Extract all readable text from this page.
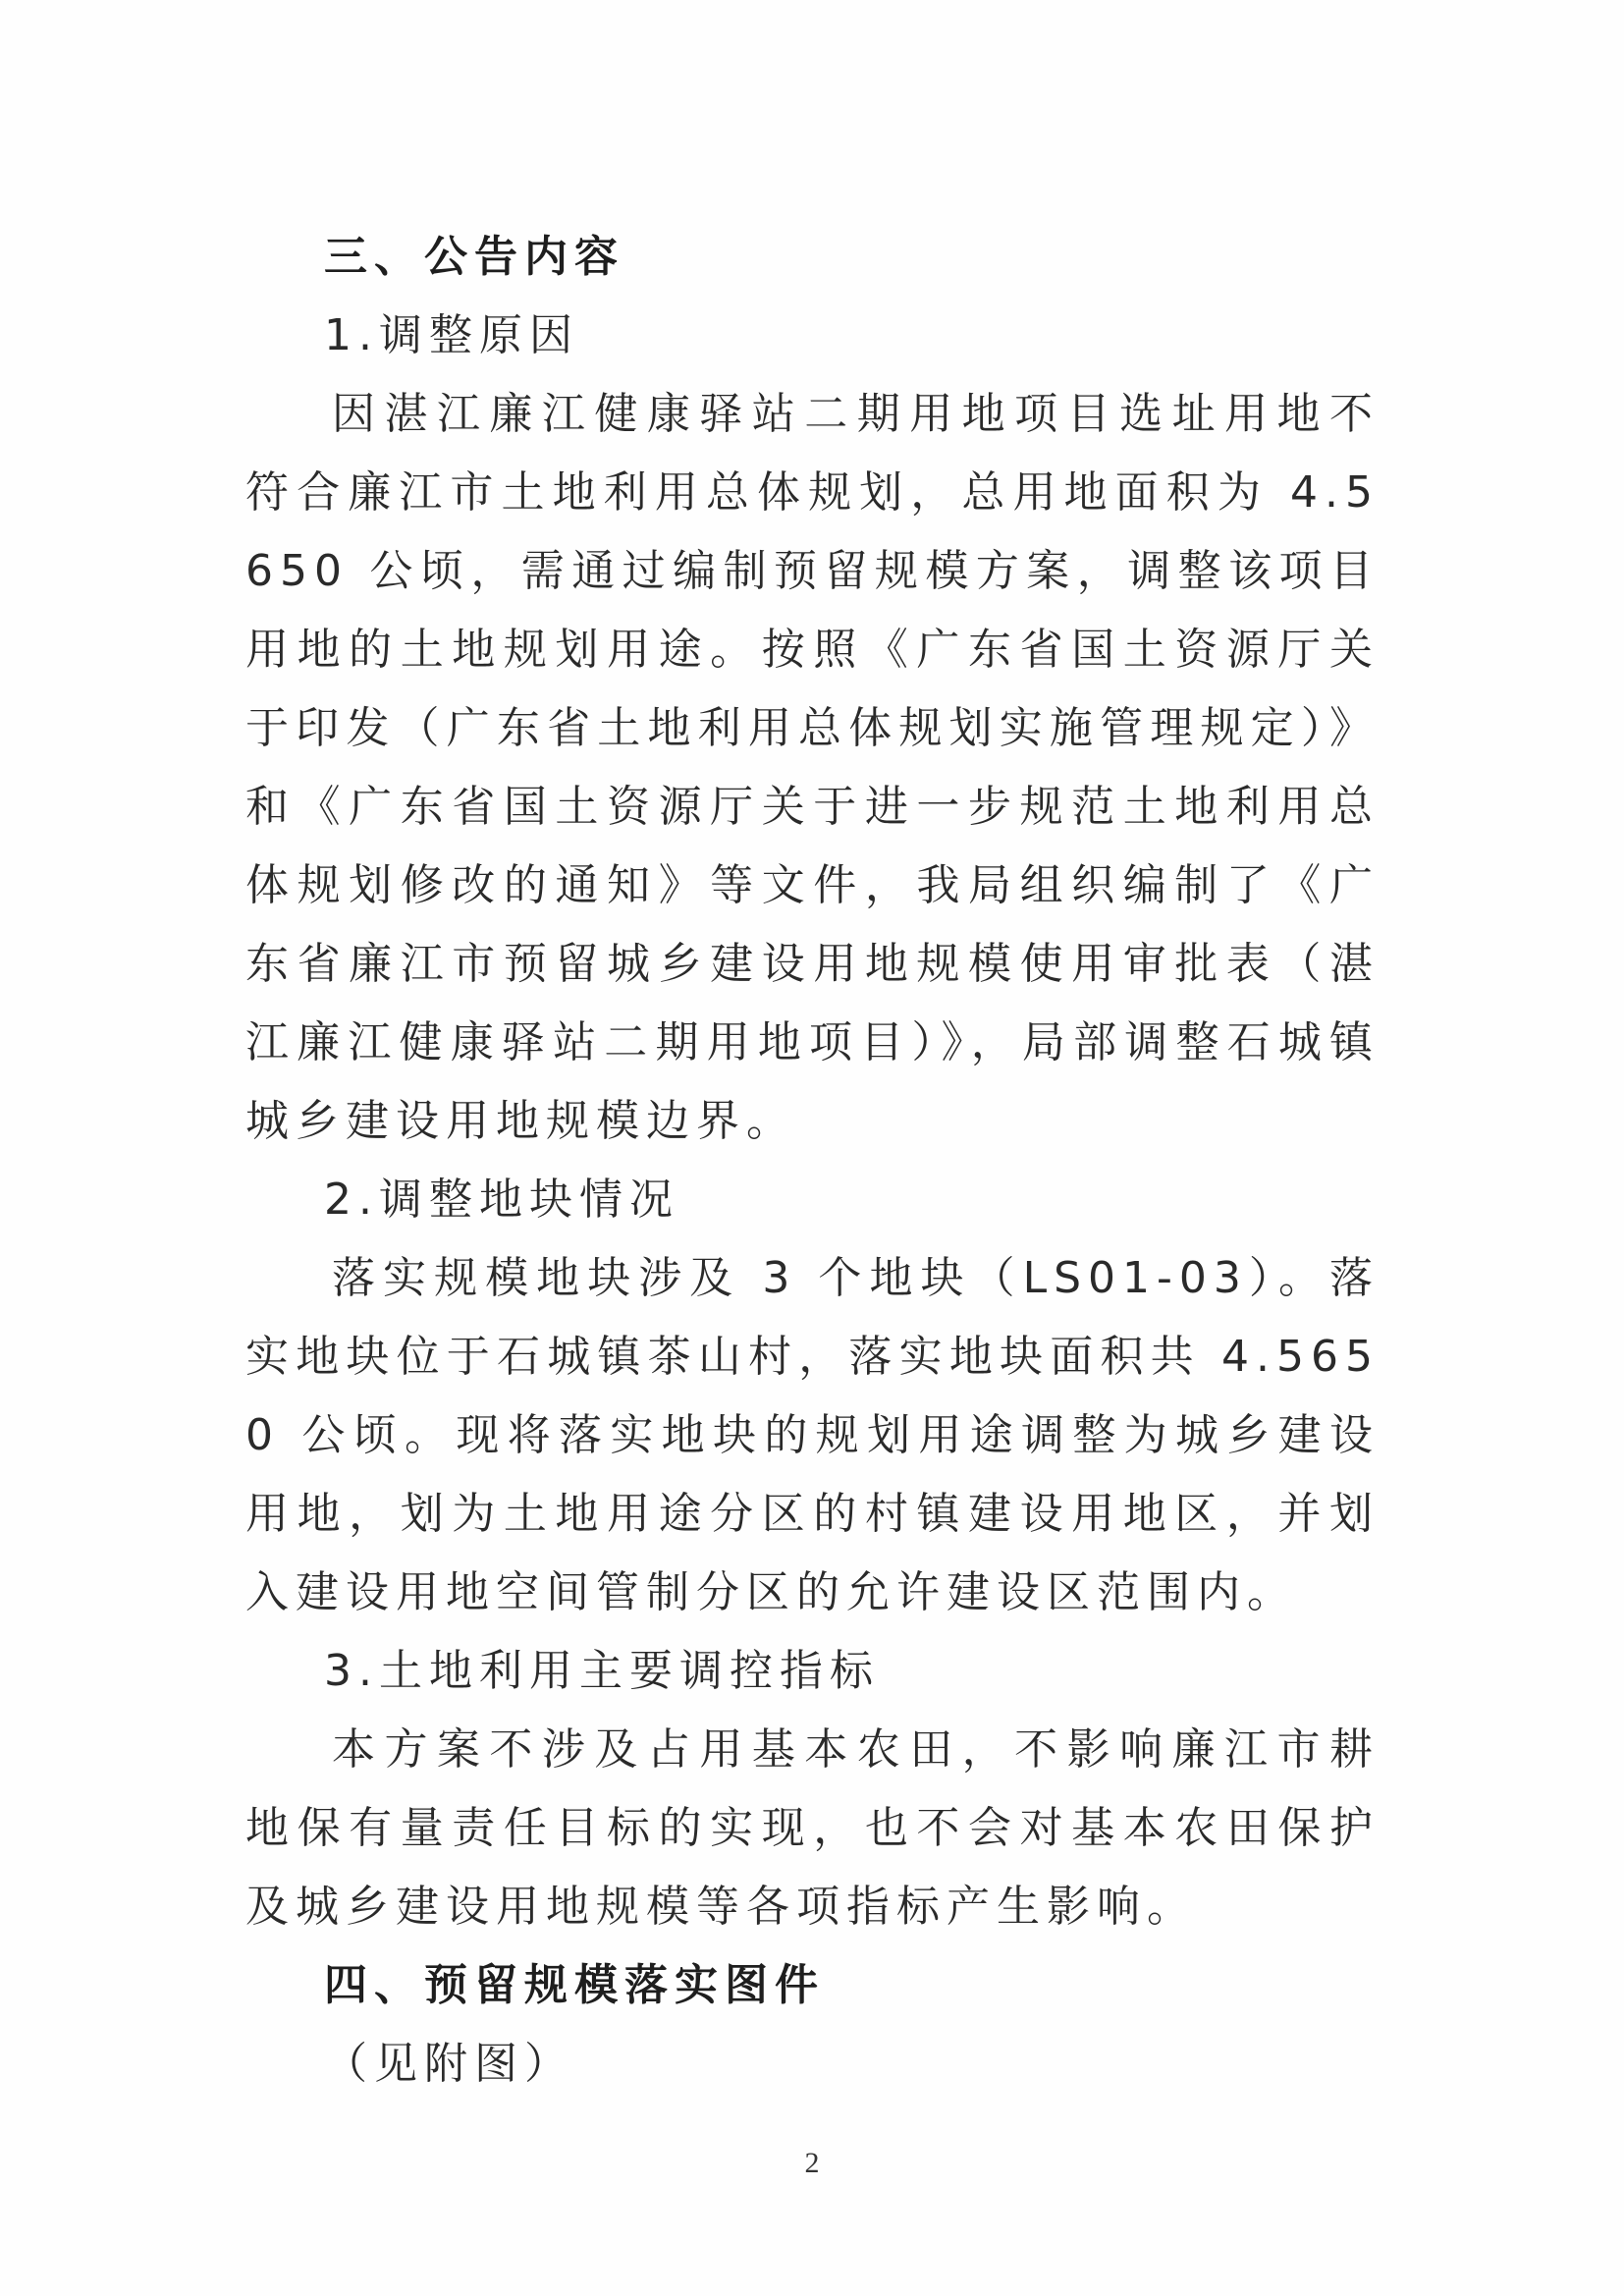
三、公告内容
1.调整原因
因湛江廉江健康驿站二期用地项目选址用地不符合廉江市土地利用总体规划，总用地面积为 4.5650 公顷，需通过编制预留规模方案，调整该项目用地的土地规划用途。按照《广东省国土资源厅关于印发（广东省土地利用总体规划实施管理规定）》和《广东省国土资源厅关于进一步规范土地利用总体规划修改的通知》等文件，我局组织编制了《广东省廉江市预留城乡建设用地规模使用审批表（湛江廉江健康驿站二期用地项目）》，局部调整石城镇城乡建设用地规模边界。
2.调整地块情况
落实规模地块涉及 3 个地块（LS01-03）。落实地块位于石城镇茶山村，落实地块面积共 4.5650 公顷。现将落实地块的规划用途调整为城乡建设用地，划为土地用途分区的村镇建设用地区，并划入建设用地空间管制分区的允许建设区范围内。
3.土地利用主要调控指标
本方案不涉及占用基本农田，不影响廉江市耕地保有量责任目标的实现，也不会对基本农田保护及城乡建设用地规模等各项指标产生影响。
四、预留规模落实图件
（见附图）
2
